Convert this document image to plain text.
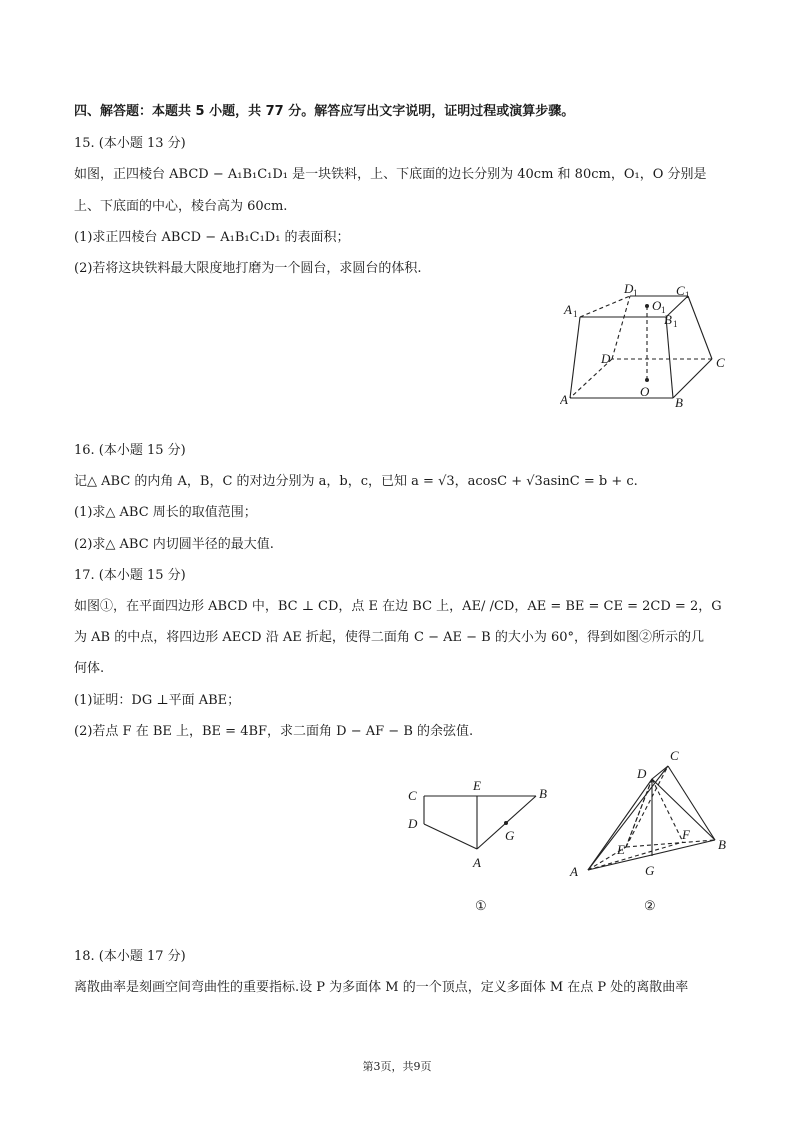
四、解答题：本题共 5 小题，共 77 分。解答应写出文字说明，证明过程或演算步骤。
15. (本小题 13 分)
如图，正四棱台 ABCD − A₁B₁C₁D₁ 是一块铁料，上、下底面的边长分别为 40cm 和 80cm，O₁，O 分别是
上、下底面的中心，棱台高为 60cm.
(1)求正四棱台 ABCD − A₁B₁C₁D₁ 的表面积；
(2)若将这块铁料最大限度地打磨为一个圆台，求圆台的体积.
A	B
C
D
O
A 1
D 1	C 1
O 1
B 1
16. (本小题 15 分)
记△ ABC 的内角 A，B，C 的对边分别为 a，b，c，已知 a = √3，acosC + √3asinC = b + c.
(1)求△ ABC 周长的取值范围；
(2)求△ ABC 内切圆半径的最大值.
17. (本小题 15 分)
如图①，在平面四边形 ABCD 中，BC ⊥ CD，点 E 在边 BC 上，AE/ /CD，AE = BE = CE = 2CD = 2，G
为 AB 的中点，将四边形 AECD 沿 AE 折起，使得二面角 C − AE − B 的大小为 60°，得到如图②所示的几
何体.
(1)证明：DG ⊥平面 ABE；
(2)若点 F 在 BE 上，BE = 4BF，求二面角 D − AF − B 的余弦值.
C
E
B
D
G
A
①
C
D
E
F
B
A	G
②
18. (本小题 17 分)
离散曲率是刻画空间弯曲性的重要指标.设 P 为多面体 M 的一个顶点，定义多面体 M 在点 P 处的离散曲率
第3页，共9页
